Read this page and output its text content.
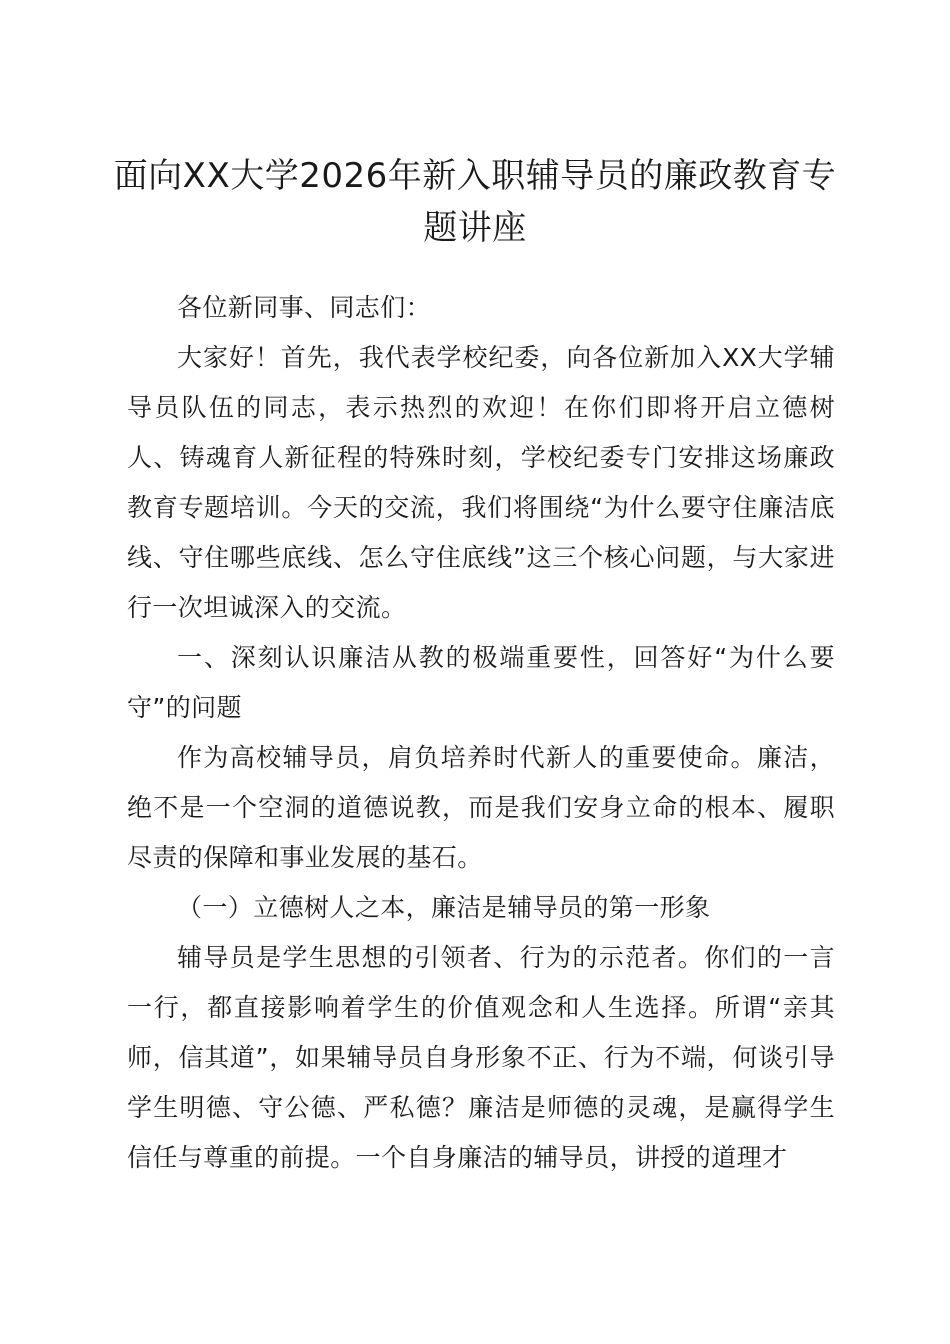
面向XX大学2026年新入职辅导员的廉政教育专题讲座

各位新同事、同志们：

大家好！首先，我代表学校纪委，向各位新加入XX大学辅导员队伍的同志，表示热烈的欢迎！在你们即将开启立德树人、铸魂育人新征程的特殊时刻，学校纪委专门安排这场廉政教育专题培训。今天的交流，我们将围绕“为什么要守住廉洁底线、守住哪些底线、怎么守住底线”这三个核心问题，与大家进行一次坦诚深入的交流。

一、深刻认识廉洁从教的极端重要性，回答好“为什么要守”的问题

作为高校辅导员，肩负培养时代新人的重要使命。廉洁，绝不是一个空洞的道德说教，而是我们安身立命的根本、履职尽责的保障和事业发展的基石。

（一）立德树人之本，廉洁是辅导员的第一形象

辅导员是学生思想的引领者、行为的示范者。你们的一言一行，都直接影响着学生的价值观念和人生选择。所谓“亲其师，信其道”，如果辅导员自身形象不正、行为不端，何谈引导学生明德、守公德、严私德？廉洁是师德的灵魂，是赢得学生信任与尊重的前提。一个自身廉洁的辅导员，讲授的道理才
